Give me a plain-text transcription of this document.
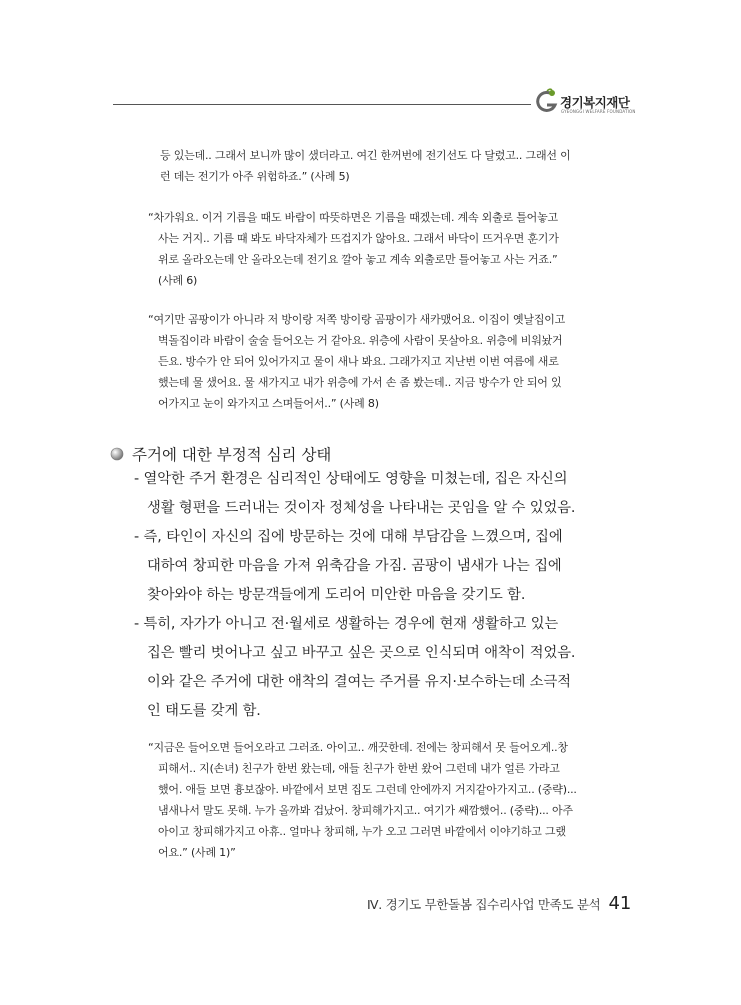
경기복지재단
GYEONGGI WELFARE FOUNDATION

등 있는데.. 그래서 보니까 많이 샜더라고. 여긴 한꺼번에 전기선도 다 달렸고.. 그래선 이

런 데는 전기가 아주 위험하죠.” (사례 5)

“차가워요. 이거 기름을 때도 바람이 따뜻하면은 기름을 때겠는데. 계속 외출로 틀어놓고

사는 거지.. 기름 때 봐도 바닥자체가 뜨겁지가 않아요. 그래서 바닥이 뜨거우면 훈기가

위로 올라오는데 안 올라오는데 전기요 깔아 놓고 계속 외출로만 틀어놓고 사는 거죠.”

(사례 6)

“여기만 곰팡이가 아니라 저 방이랑 저쪽 방이랑 곰팡이가 새카맸어요. 이집이 옛날집이고

벽돌집이라 바람이 술술 들어오는 거 같아요. 위층에 사람이 못살아요. 위층에 비워놨거

든요. 방수가 안 되어 있어가지고 물이 새나 봐요. 그래가지고 지난번 이번 여름에 새로

했는데 물 샜어요. 물 새가지고 내가 위층에 가서 손 좀 봤는데.. 지금 방수가 안 되어 있

어가지고 눈이 와가지고 스며들어서..” (사례 8)

주거에 대한 부정적 심리 상태

- 열악한 주거 환경은 심리적인 상태에도 영향을 미쳤는데, 집은 자신의

생활 형편을 드러내는 것이자 정체성을 나타내는 곳임을 알 수 있었음.

- 즉, 타인이 자신의 집에 방문하는 것에 대해 부담감을 느꼈으며, 집에

대하여 창피한 마음을 가져 위축감을 가짐. 곰팡이 냄새가 나는 집에

찾아와야 하는 방문객들에게 도리어 미안한 마음을 갖기도 함.

- 특히, 자가가 아니고 전·월세로 생활하는 경우에 현재 생활하고 있는

집은 빨리 벗어나고 싶고 바꾸고 싶은 곳으로 인식되며 애착이 적었음.

이와 같은 주거에 대한 애착의 결여는 주거를 유지·보수하는데 소극적

인 태도를 갖게 함.

“지금은 들어오면 들어오라고 그러죠. 아이고.. 깨끗한데. 전에는 창피해서 못 들어오게..창

피해서.. 지(손녀) 친구가 한번 왔는데, 애들 친구가 한번 왔어 그런데 내가 얼른 가라고

했어. 애들 보면 흉보잖아. 바깥에서 보면 집도 그런데 안에까지 거지같아가지고.. (중략)...

냄새나서 말도 못해. 누가 올까봐 겁났어. 창피해가지고.. 여기가 쌔깜했어.. (중략)... 아주

아이고 창피해가지고 아휴.. 얼마나 창피해, 누가 오고 그러면 바깥에서 이야기하고 그랬

어요.” (사례 1)”

Ⅳ. 경기도 무한돌봄 집수리사업 만족도 분석 41
